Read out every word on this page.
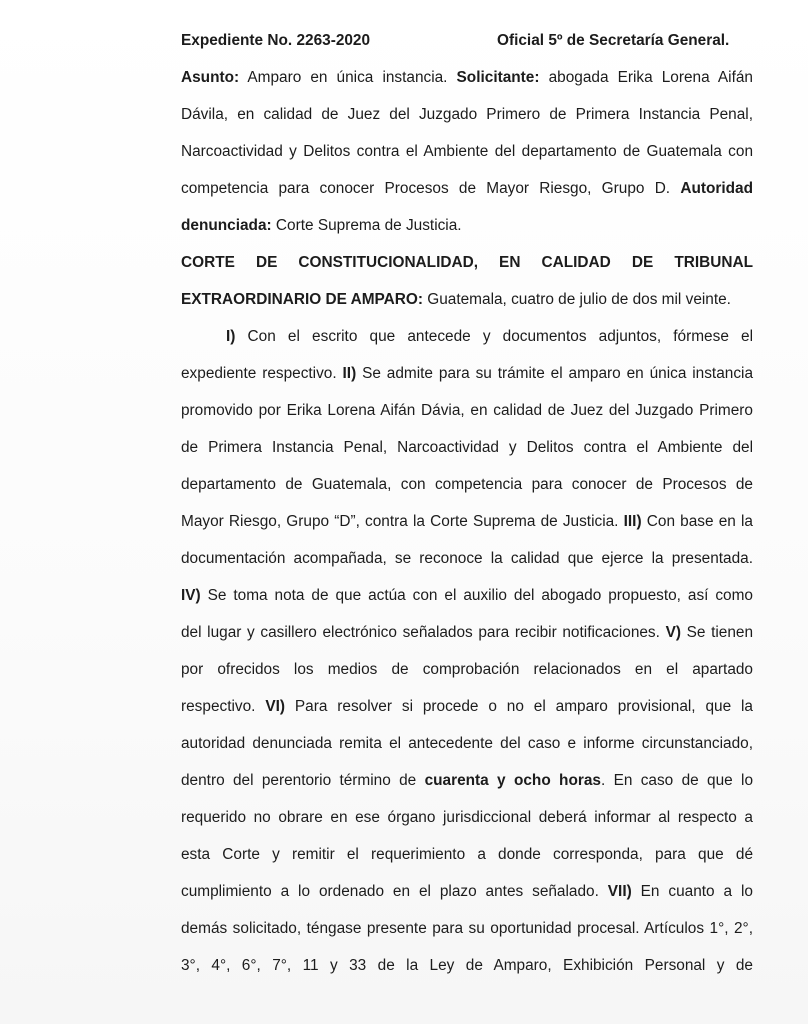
Expediente No. 2263-2020	Oficial 5º de Secretaría General.
Asunto: Amparo en única instancia. Solicitante: abogada Erika Lorena Aifán
Dávila, en calidad de Juez del Juzgado Primero de Primera Instancia Penal,
Narcoactividad y Delitos contra el Ambiente del departamento de Guatemala con
competencia para conocer Procesos de Mayor Riesgo, Grupo D. Autoridad
denunciada: Corte Suprema de Justicia.
CORTE DE CONSTITUCIONALIDAD, EN CALIDAD DE TRIBUNAL
EXTRAORDINARIO DE AMPARO: Guatemala, cuatro de julio de dos mil veinte.
I) Con el escrito que antecede y documentos adjuntos, fórmese el
expediente respectivo. II) Se admite para su trámite el amparo en única instancia
promovido por Erika Lorena Aifán Dávia, en calidad de Juez del Juzgado Primero
de Primera Instancia Penal, Narcoactividad y Delitos contra el Ambiente del
departamento de Guatemala, con competencia para conocer de Procesos de
Mayor Riesgo, Grupo “D”, contra la Corte Suprema de Justicia. III) Con base en la
documentación acompañada, se reconoce la calidad que ejerce la presentada.
IV) Se toma nota de que actúa con el auxilio del abogado propuesto, así como
del lugar y casillero electrónico señalados para recibir notificaciones. V) Se tienen
por ofrecidos los medios de comprobación relacionados en el apartado
respectivo. VI) Para resolver si procede o no el amparo provisional, que la
autoridad denunciada remita el antecedente del caso e informe circunstanciado,
dentro del perentorio término de cuarenta y ocho horas. En caso de que lo
requerido no obrare en ese órgano jurisdiccional deberá informar al respecto a
esta Corte y remitir el requerimiento a donde corresponda, para que dé
cumplimiento a lo ordenado en el plazo antes señalado. VII) En cuanto a lo
demás solicitado, téngase presente para su oportunidad procesal. Artículos 1°, 2°,
3°, 4°, 6°, 7°, 11 y 33 de la Ley de Amparo, Exhibición Personal y de
